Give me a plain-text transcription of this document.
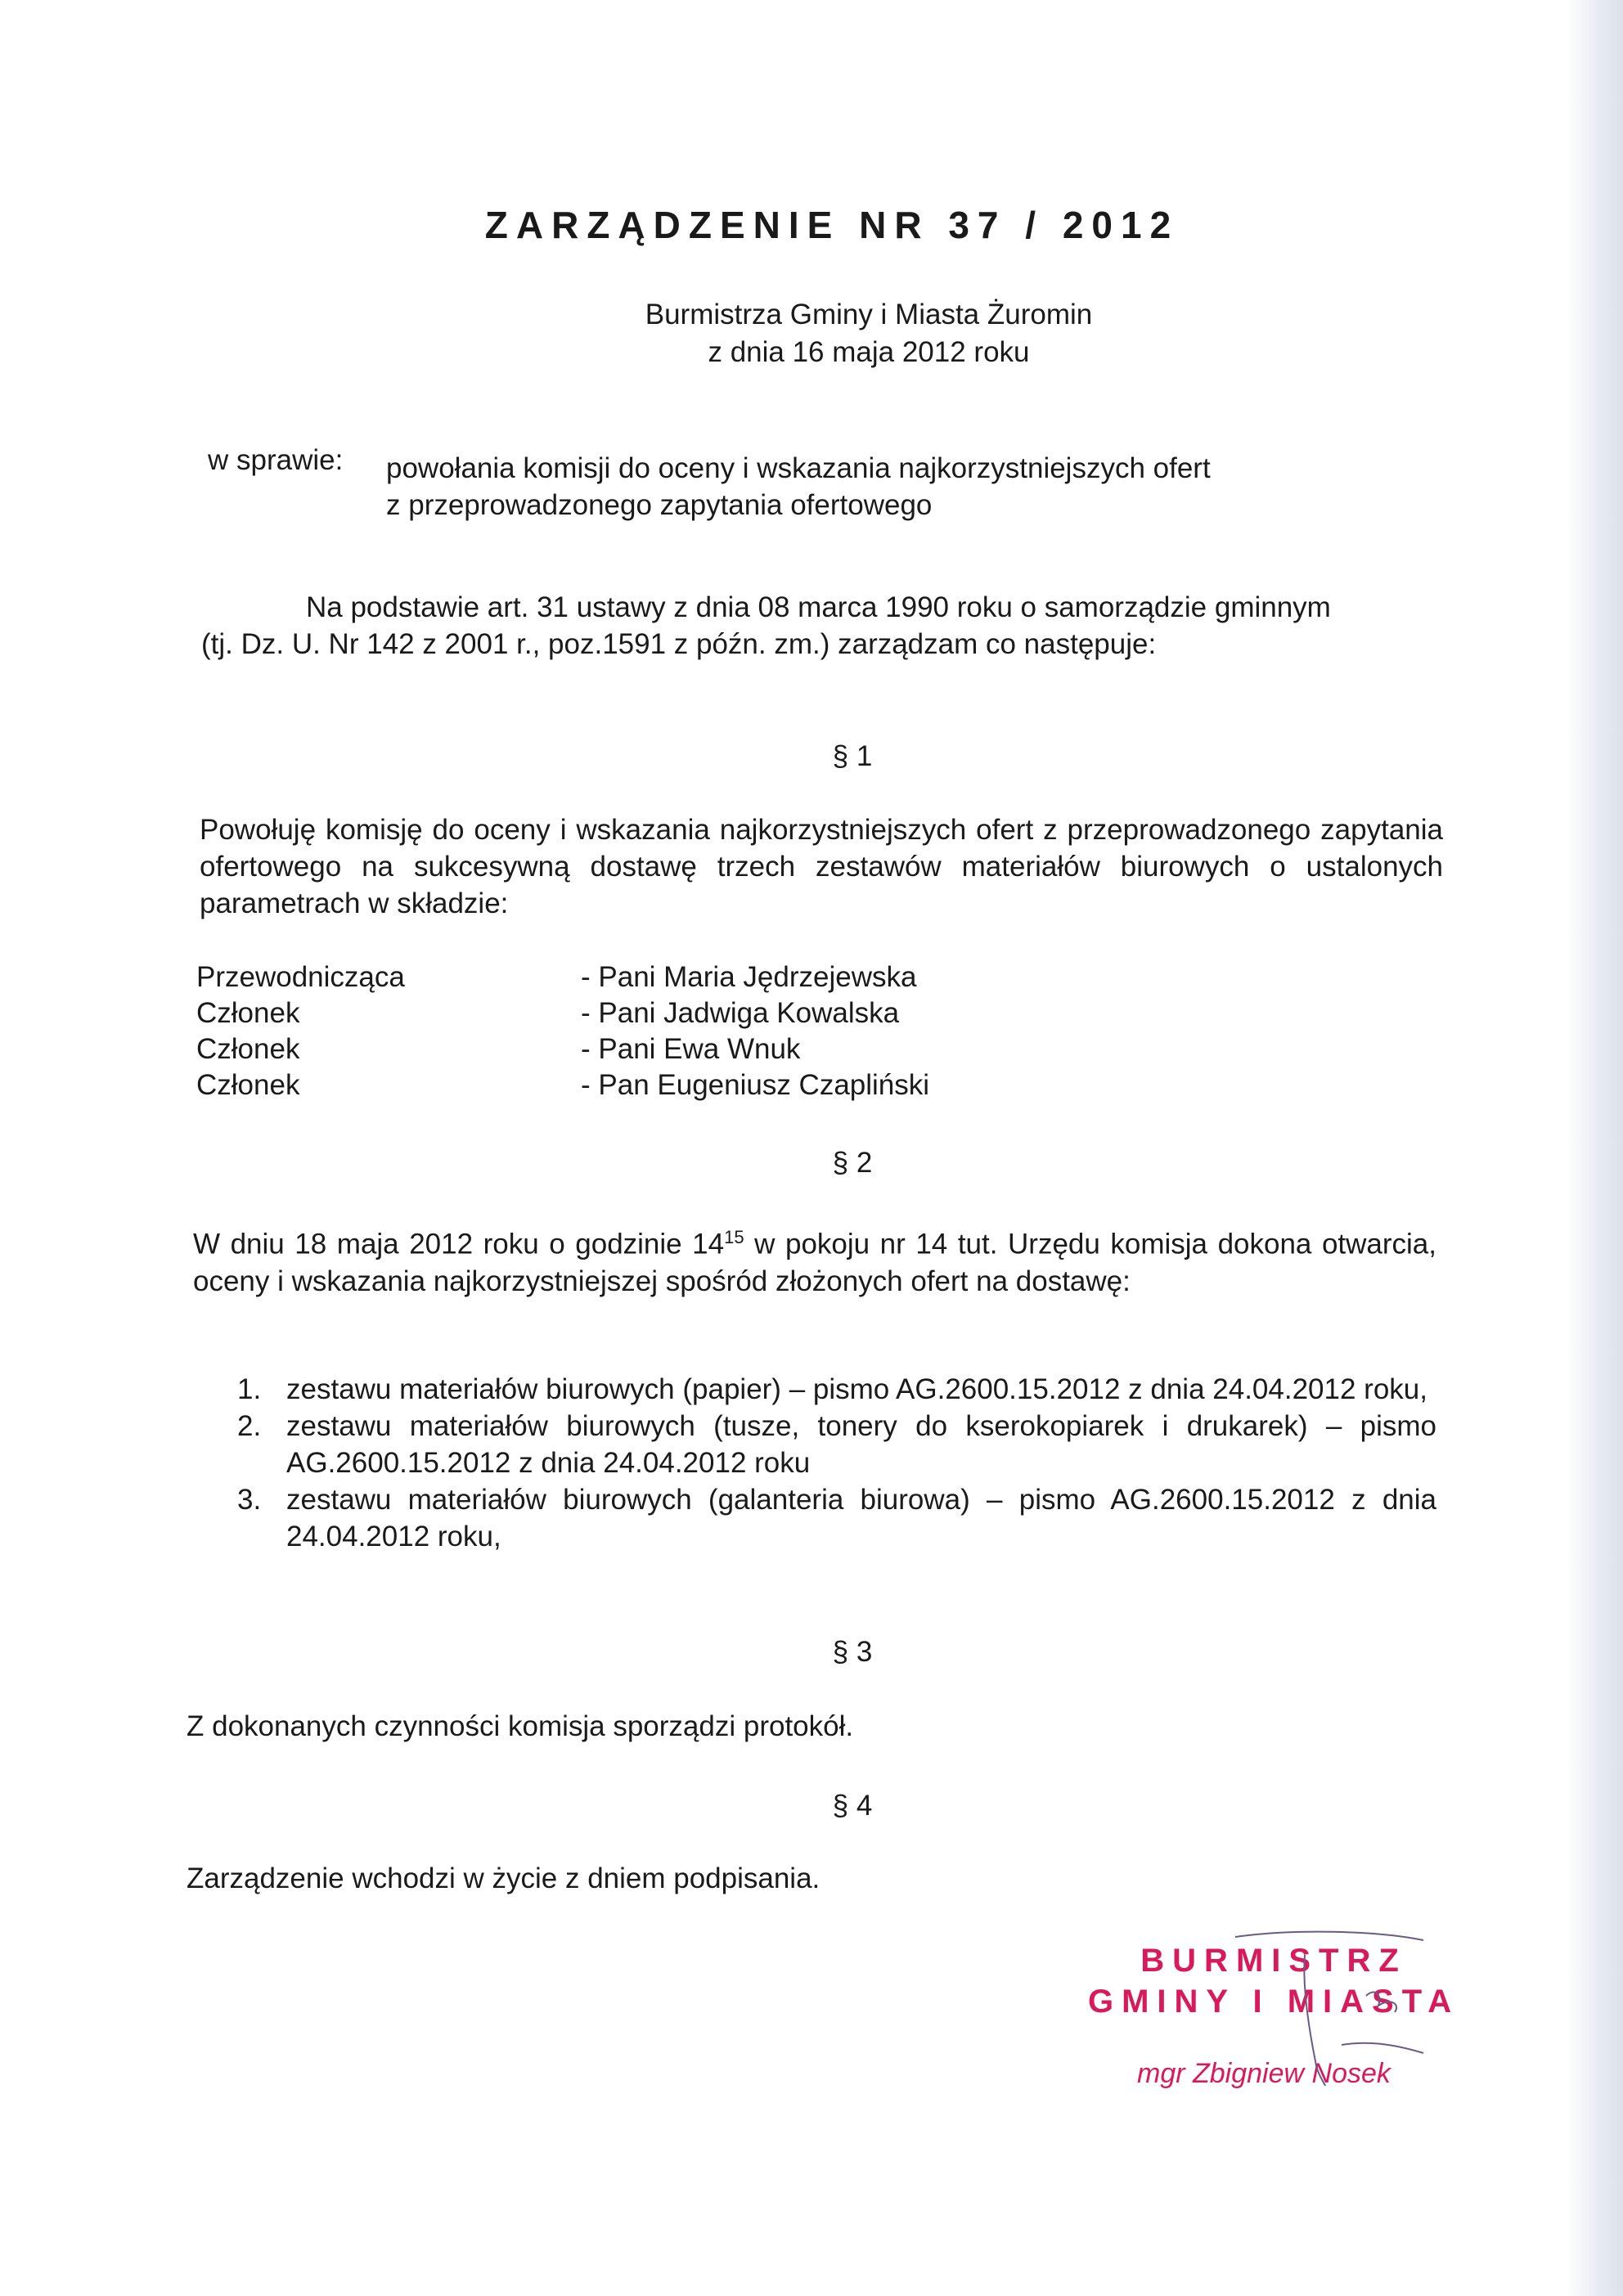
ZARZĄDZENIE NR 37 / 2012
Burmistrza Gminy i Miasta Żuromin
z dnia 16 maja 2012 roku
w sprawie: powołania komisji do oceny i wskazania najkorzystniejszych ofert
z przeprowadzonego zapytania ofertowego
Na podstawie art. 31 ustawy z dnia 08 marca 1990 roku o samorządzie gminnym (tj. Dz. U. Nr 142 z 2001 r., poz.1591 z późn. zm.) zarządzam co następuje:
§ 1
Powołuję komisję do oceny i wskazania najkorzystniejszych ofert z przeprowadzonego zapytania ofertowego na sukcesywną dostawę trzech zestawów materiałów biurowych o ustalonych parametrach w składzie:
Przewodnicząca	- Pani Maria Jędrzejewska
Członek	- Pani Jadwiga Kowalska
Członek	- Pani Ewa Wnuk
Członek	- Pan Eugeniusz Czapliński
§ 2
W dniu 18 maja 2012 roku o godzinie $14^{15}$ w pokoju nr 14 tut. Urzędu komisja dokona otwarcia, oceny i wskazania najkorzystniejszej spośród złożonych ofert na dostawę:
1. zestawu materiałów biurowych (papier) – pismo AG.2600.15.2012 z dnia 24.04.2012 roku,
2. zestawu materiałów biurowych (tusze, tonery do kserokopiarek i drukarek) – pismo AG.2600.15.2012 z dnia 24.04.2012 roku
3. zestawu materiałów biurowych (galanteria biurowa) – pismo AG.2600.15.2012 z dnia 24.04.2012 roku,
§ 3
Z dokonanych czynności komisja sporządzi protokół.
§ 4
Zarządzenie wchodzi w życie z dniem podpisania.
BURMISTRZ
GMINY I MIASTA
mgr Zbigniew Nosek
